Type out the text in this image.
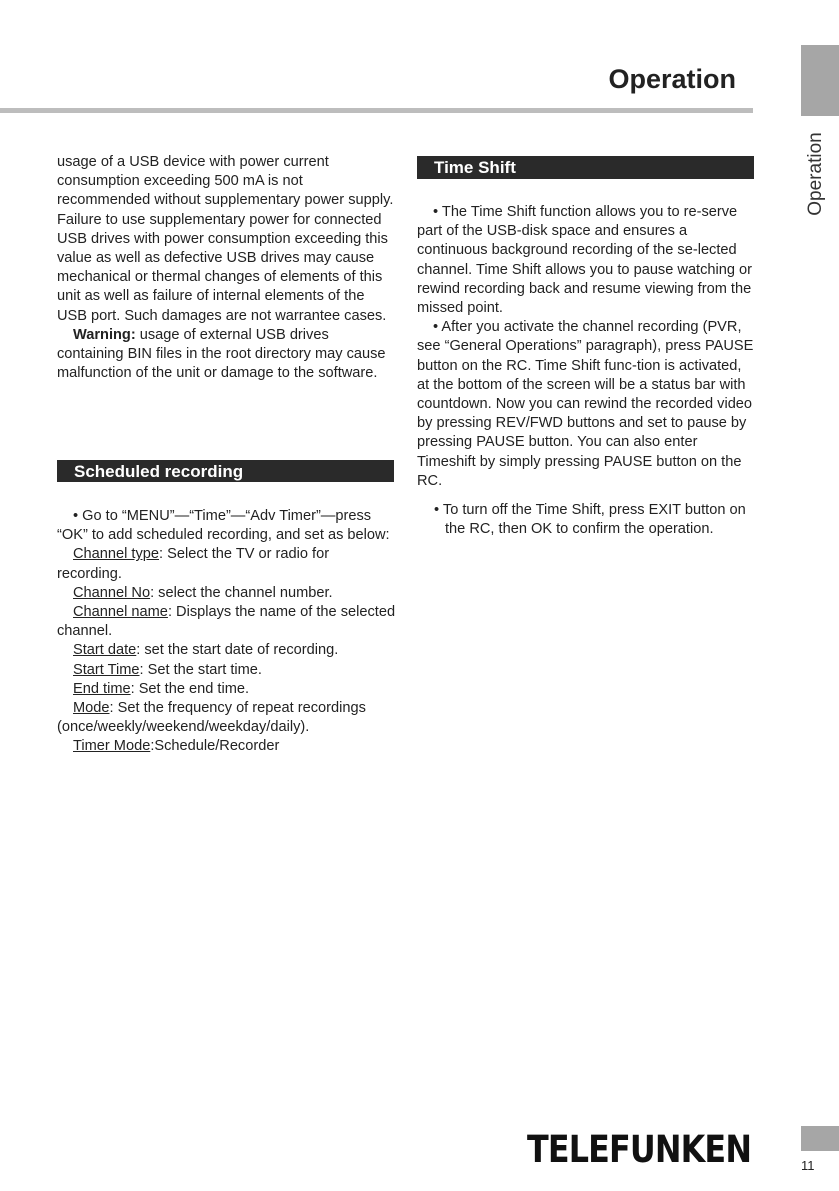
Operation
Operation

usage of a USB device with power current consumption exceeding 500 mA is not recommended without supplementary power supply. Failure to use supplementary power for connected USB drives with power consumption exceeding this value as well as defective USB drives may cause mechanical or thermal changes of elements of this unit as well as failure of internal elements of the USB port. Such damages are not warrantee cases.

Warning: usage of external USB drives containing BIN files in the root directory may cause malfunction of the unit or damage to the software.

Scheduled recording

• Go to “MENU”—“Time”—“Adv Timer”—press “OK” to add scheduled recording, and set as below:

Channel type: Select the TV or radio for recording.

Channel No: select the channel number.

Channel name: Displays the name of the selected channel.

Start date: set the start date of recording.

Start Time: Set the start time.

End time: Set the end time.

Mode: Set the frequency of repeat recordings (once/weekly/weekend/weekday/daily).

Timer Mode:Schedule/Recorder

Time Shift

• The Time Shift function allows you to re-serve part of the USB-disk space and ensures a continuous background recording of the se-lected channel. Time Shift allows you to pause watching or rewind recording back and resume viewing from the missed point.

• After you activate the channel recording (PVR, see “General Operations” paragraph), press PAUSE button on the RC. Time Shift func-tion is activated, at the bottom of the screen will be a status bar with countdown. Now you can rewind the recorded video by pressing REV/FWD buttons and set to pause by pressing PAUSE button. You can also enter Timeshift by simply pressing PAUSE button on the RC.

• To turn off the Time Shift, press EXIT button on the RC, then OK to confirm the operation.

TELEFUNKEN	11
